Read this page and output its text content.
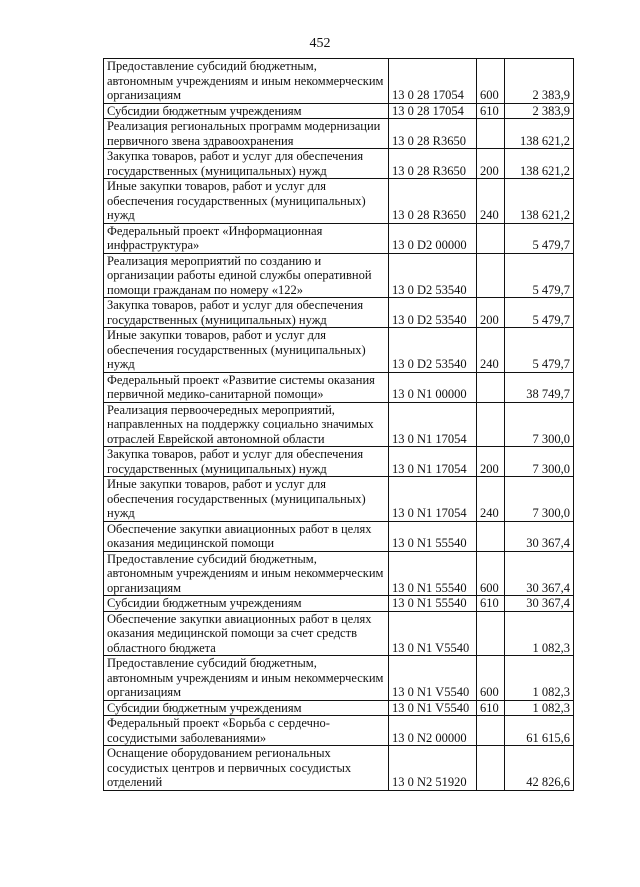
452
Предоставление субсидий бюджетным, автономным учреждениям и иным некоммерческим организациям	13 0 28 17054	600	2 383,9
Субсидии бюджетным учреждениям	13 0 28 17054	610	2 383,9
Реализация региональных программ модернизации первичного звена здравоохранения	13 0 28 R3650		138 621,2
Закупка товаров, работ и услуг для обеспечения государственных (муниципальных) нужд	13 0 28 R3650	200	138 621,2
Иные закупки товаров, работ и услуг для обеспечения государственных (муниципальных) нужд	13 0 28 R3650	240	138 621,2
Федеральный проект «Информационная инфраструктура»	13 0 D2 00000		5 479,7
Реализация мероприятий по созданию и организации работы единой службы оперативной помощи гражданам по номеру «122»	13 0 D2 53540		5 479,7
Закупка товаров, работ и услуг для обеспечения государственных (муниципальных) нужд	13 0 D2 53540	200	5 479,7
Иные закупки товаров, работ и услуг для обеспечения государственных (муниципальных) нужд	13 0 D2 53540	240	5 479,7
Федеральный проект «Развитие системы оказания первичной медико-санитарной помощи»	13 0 N1 00000		38 749,7
Реализация первоочередных мероприятий, направленных на поддержку социально значимых отраслей Еврейской автономной области	13 0 N1 17054		7 300,0
Закупка товаров, работ и услуг для обеспечения государственных (муниципальных) нужд	13 0 N1 17054	200	7 300,0
Иные закупки товаров, работ и услуг для обеспечения государственных (муниципальных) нужд	13 0 N1 17054	240	7 300,0
Обеспечение закупки авиационных работ в целях оказания медицинской помощи	13 0 N1 55540		30 367,4
Предоставление субсидий бюджетным, автономным учреждениям и иным некоммерческим организациям	13 0 N1 55540	600	30 367,4
Субсидии бюджетным учреждениям	13 0 N1 55540	610	30 367,4
Обеспечение закупки авиационных работ в целях оказания медицинской помощи за счет средств областного бюджета	13 0 N1 V5540		1 082,3
Предоставление субсидий бюджетным, автономным учреждениям и иным некоммерческим организациям	13 0 N1 V5540	600	1 082,3
Субсидии бюджетным учреждениям	13 0 N1 V5540	610	1 082,3
Федеральный проект «Борьба с сердечно-сосудистыми заболеваниями»	13 0 N2 00000		61 615,6
Оснащение оборудованием региональных сосудистых центров и первичных сосудистых отделений	13 0 N2 51920		42 826,6
